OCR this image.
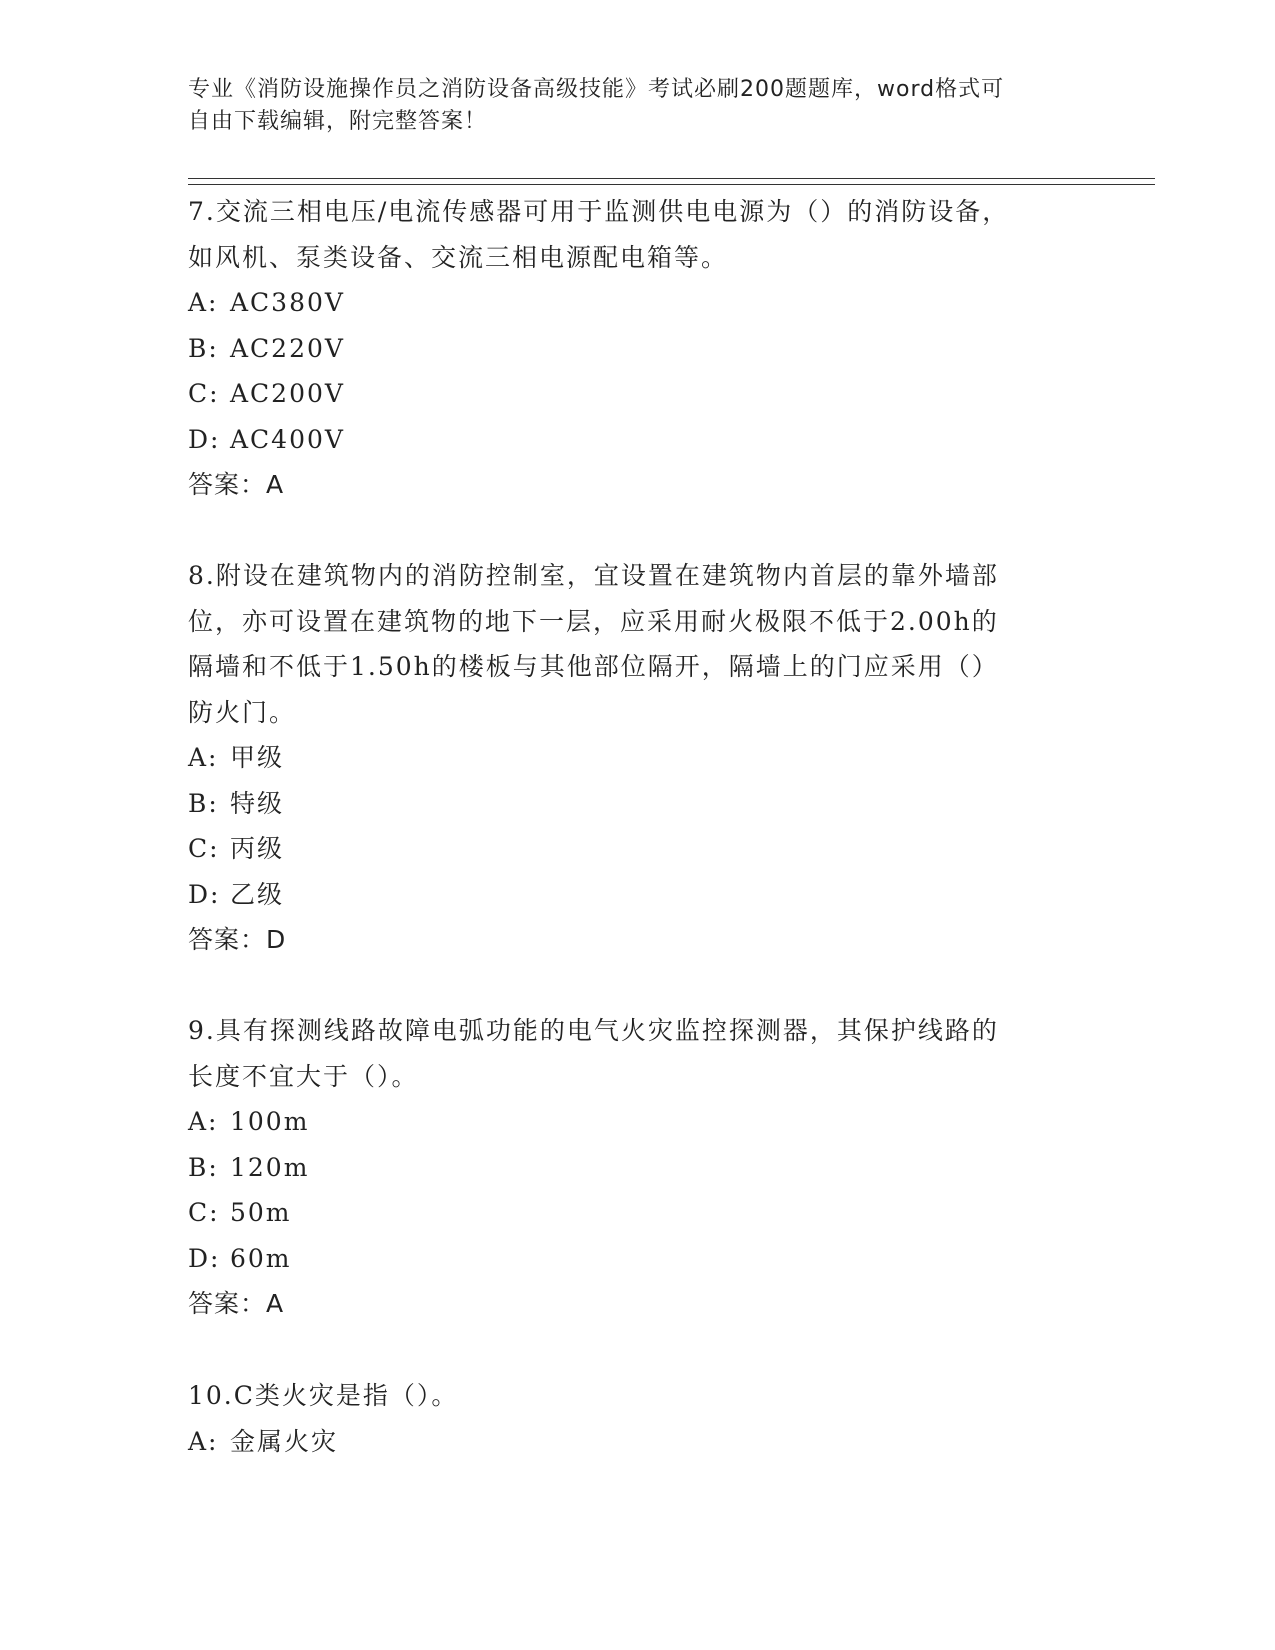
专业《消防设施操作员之消防设备高级技能》考试必刷200题题库，word格式可
自由下载编辑，附完整答案！
7.交流三相电压/电流传感器可用于监测供电电源为（）的消防设备，
如风机、泵类设备、交流三相电源配电箱等。
A: AC380V
B: AC220V
C: AC200V
D: AC400V
答案：A
8.附设在建筑物内的消防控制室，宜设置在建筑物内首层的靠外墙部
位，亦可设置在建筑物的地下一层，应采用耐火极限不低于2.00h的
隔墙和不低于1.50h的楼板与其他部位隔开，隔墙上的门应采用（）
防火门。
A: 甲级
B: 特级
C: 丙级
D: 乙级
答案：D
9.具有探测线路故障电弧功能的电气火灾监控探测器，其保护线路的
长度不宜大于（）。
A: 100m
B: 120m
C: 50m
D: 60m
答案：A
10.C类火灾是指（）。
A: 金属火灾
